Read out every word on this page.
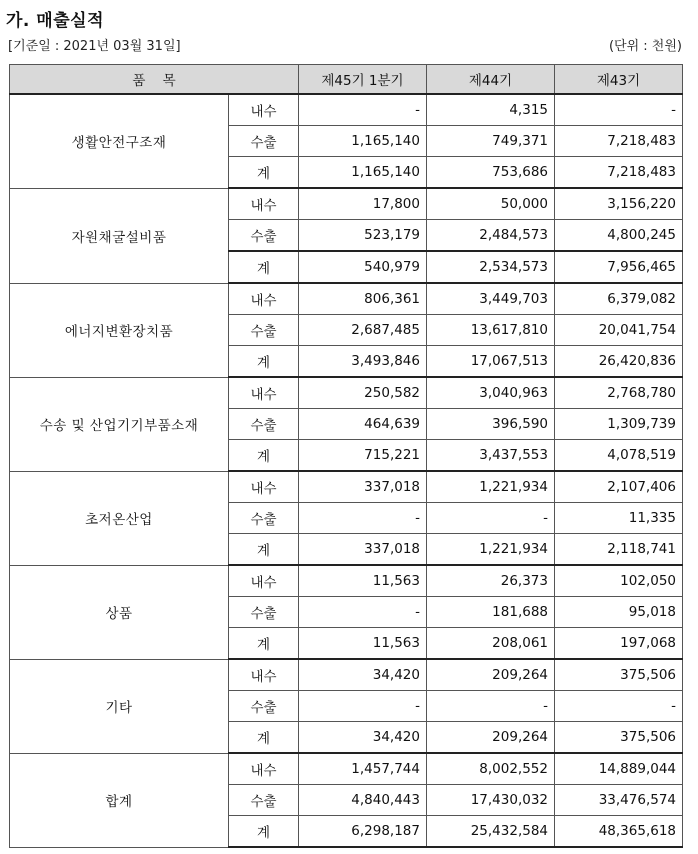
가. 매출실적
[기준일 : 2021년 03월 31일]	(단위 : 천원)
품    목		제45기 1분기	제44기	제43기
생활안전구조재	내수	-	4,315	-
	수출	1,165,140	749,371	7,218,483
	계	1,165,140	753,686	7,218,483
자원채굴설비품	내수	17,800	50,000	3,156,220
	수출	523,179	2,484,573	4,800,245
	계	540,979	2,534,573	7,956,465
에너지변환장치품	내수	806,361	3,449,703	6,379,082
	수출	2,687,485	13,617,810	20,041,754
	계	3,493,846	17,067,513	26,420,836
수송 및 산업기기부품소재	내수	250,582	3,040,963	2,768,780
	수출	464,639	396,590	1,309,739
	계	715,221	3,437,553	4,078,519
초저온산업	내수	337,018	1,221,934	2,107,406
	수출	-	-	11,335
	계	337,018	1,221,934	2,118,741
상품	내수	11,563	26,373	102,050
	수출	-	181,688	95,018
	계	11,563	208,061	197,068
기타	내수	34,420	209,264	375,506
	수출	-	-	-
	계	34,420	209,264	375,506
합계	내수	1,457,744	8,002,552	14,889,044
	수출	4,840,443	17,430,032	33,476,574
	계	6,298,187	25,432,584	48,365,618
